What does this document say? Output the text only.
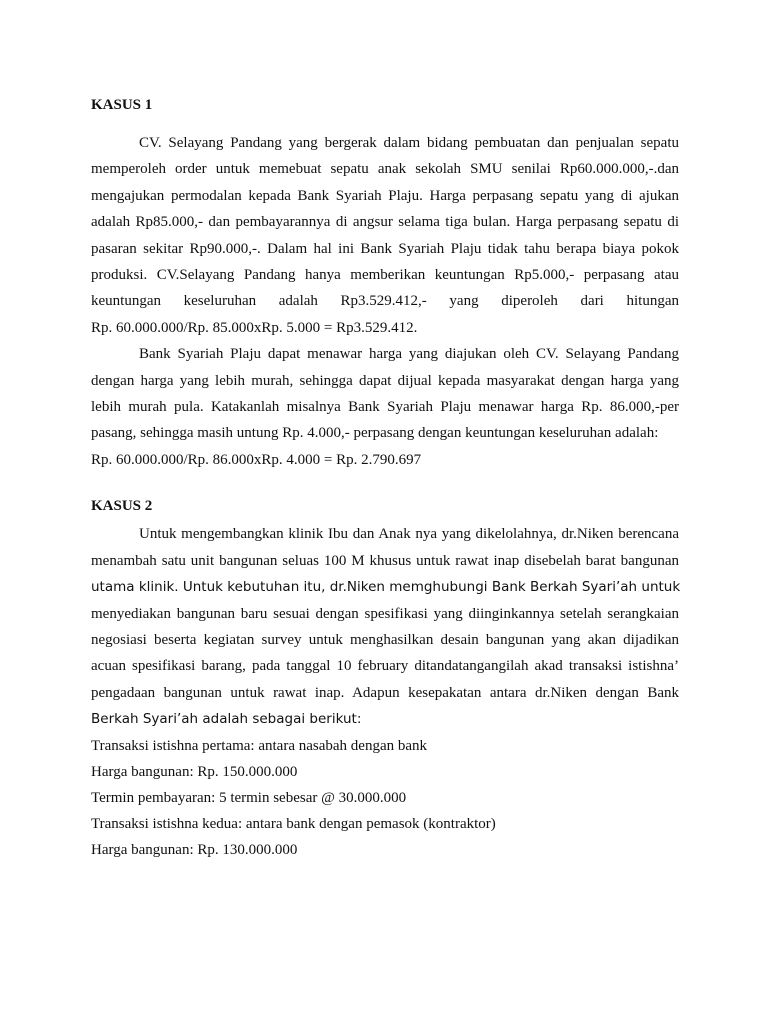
KASUS 1

CV. Selayang Pandang yang bergerak dalam bidang pembuatan dan penjualan sepatu
memperoleh order untuk memebuat sepatu anak sekolah SMU senilai Rp60.000.000,-.dan
mengajukan permodalan kepada Bank Syariah Plaju. Harga perpasang sepatu yang di ajukan
adalah Rp85.000,- dan pembayarannya di angsur selama tiga bulan. Harga perpasang sepatu di
pasaran sekitar Rp90.000,-. Dalam hal ini Bank Syariah Plaju tidak tahu berapa biaya pokok
produksi. CV.Selayang Pandang hanya memberikan keuntungan Rp5.000,- perpasang atau
keuntungan keseluruhan adalah Rp3.529.412,- yang diperoleh dari hitungan
Rp. 60.000.000/Rp. 85.000xRp. 5.000 = Rp3.529.412.
Bank Syariah Plaju dapat menawar harga yang diajukan oleh CV. Selayang Pandang
dengan harga yang lebih murah, sehingga dapat dijual kepada masyarakat dengan harga yang
lebih murah pula. Katakanlah misalnya Bank Syariah Plaju menawar harga Rp. 86.000,-per
pasang, sehingga masih untung Rp. 4.000,- perpasang dengan keuntungan keseluruhan adalah:
Rp. 60.000.000/Rp. 86.000xRp. 4.000 = Rp. 2.790.697

KASUS 2

Untuk mengembangkan klinik Ibu dan Anak nya yang dikelolahnya, dr.Niken berencana
menambah satu unit bangunan seluas 100 M khusus untuk rawat inap disebelah barat bangunan
utama klinik. Untuk kebutuhan itu, dr.Niken memghubungi Bank Berkah Syari’ah untuk
menyediakan bangunan baru sesuai dengan spesifikasi yang diinginkannya setelah serangkaian
negosiasi beserta kegiatan survey untuk menghasilkan desain bangunan yang akan dijadikan
acuan spesifikasi barang, pada tanggal 10 february ditandatangangilah akad transaksi istishna’
pengadaan bangunan untuk rawat inap. Adapun kesepakatan antara dr.Niken dengan Bank
Berkah Syari’ah adalah sebagai berikut:

Transaksi istishna pertama: antara nasabah dengan bank

Harga bangunan: Rp. 150.000.000

Termin pembayaran: 5 termin sebesar @ 30.000.000

Transaksi istishna kedua: antara bank dengan pemasok (kontraktor)

Harga bangunan: Rp. 130.000.000
